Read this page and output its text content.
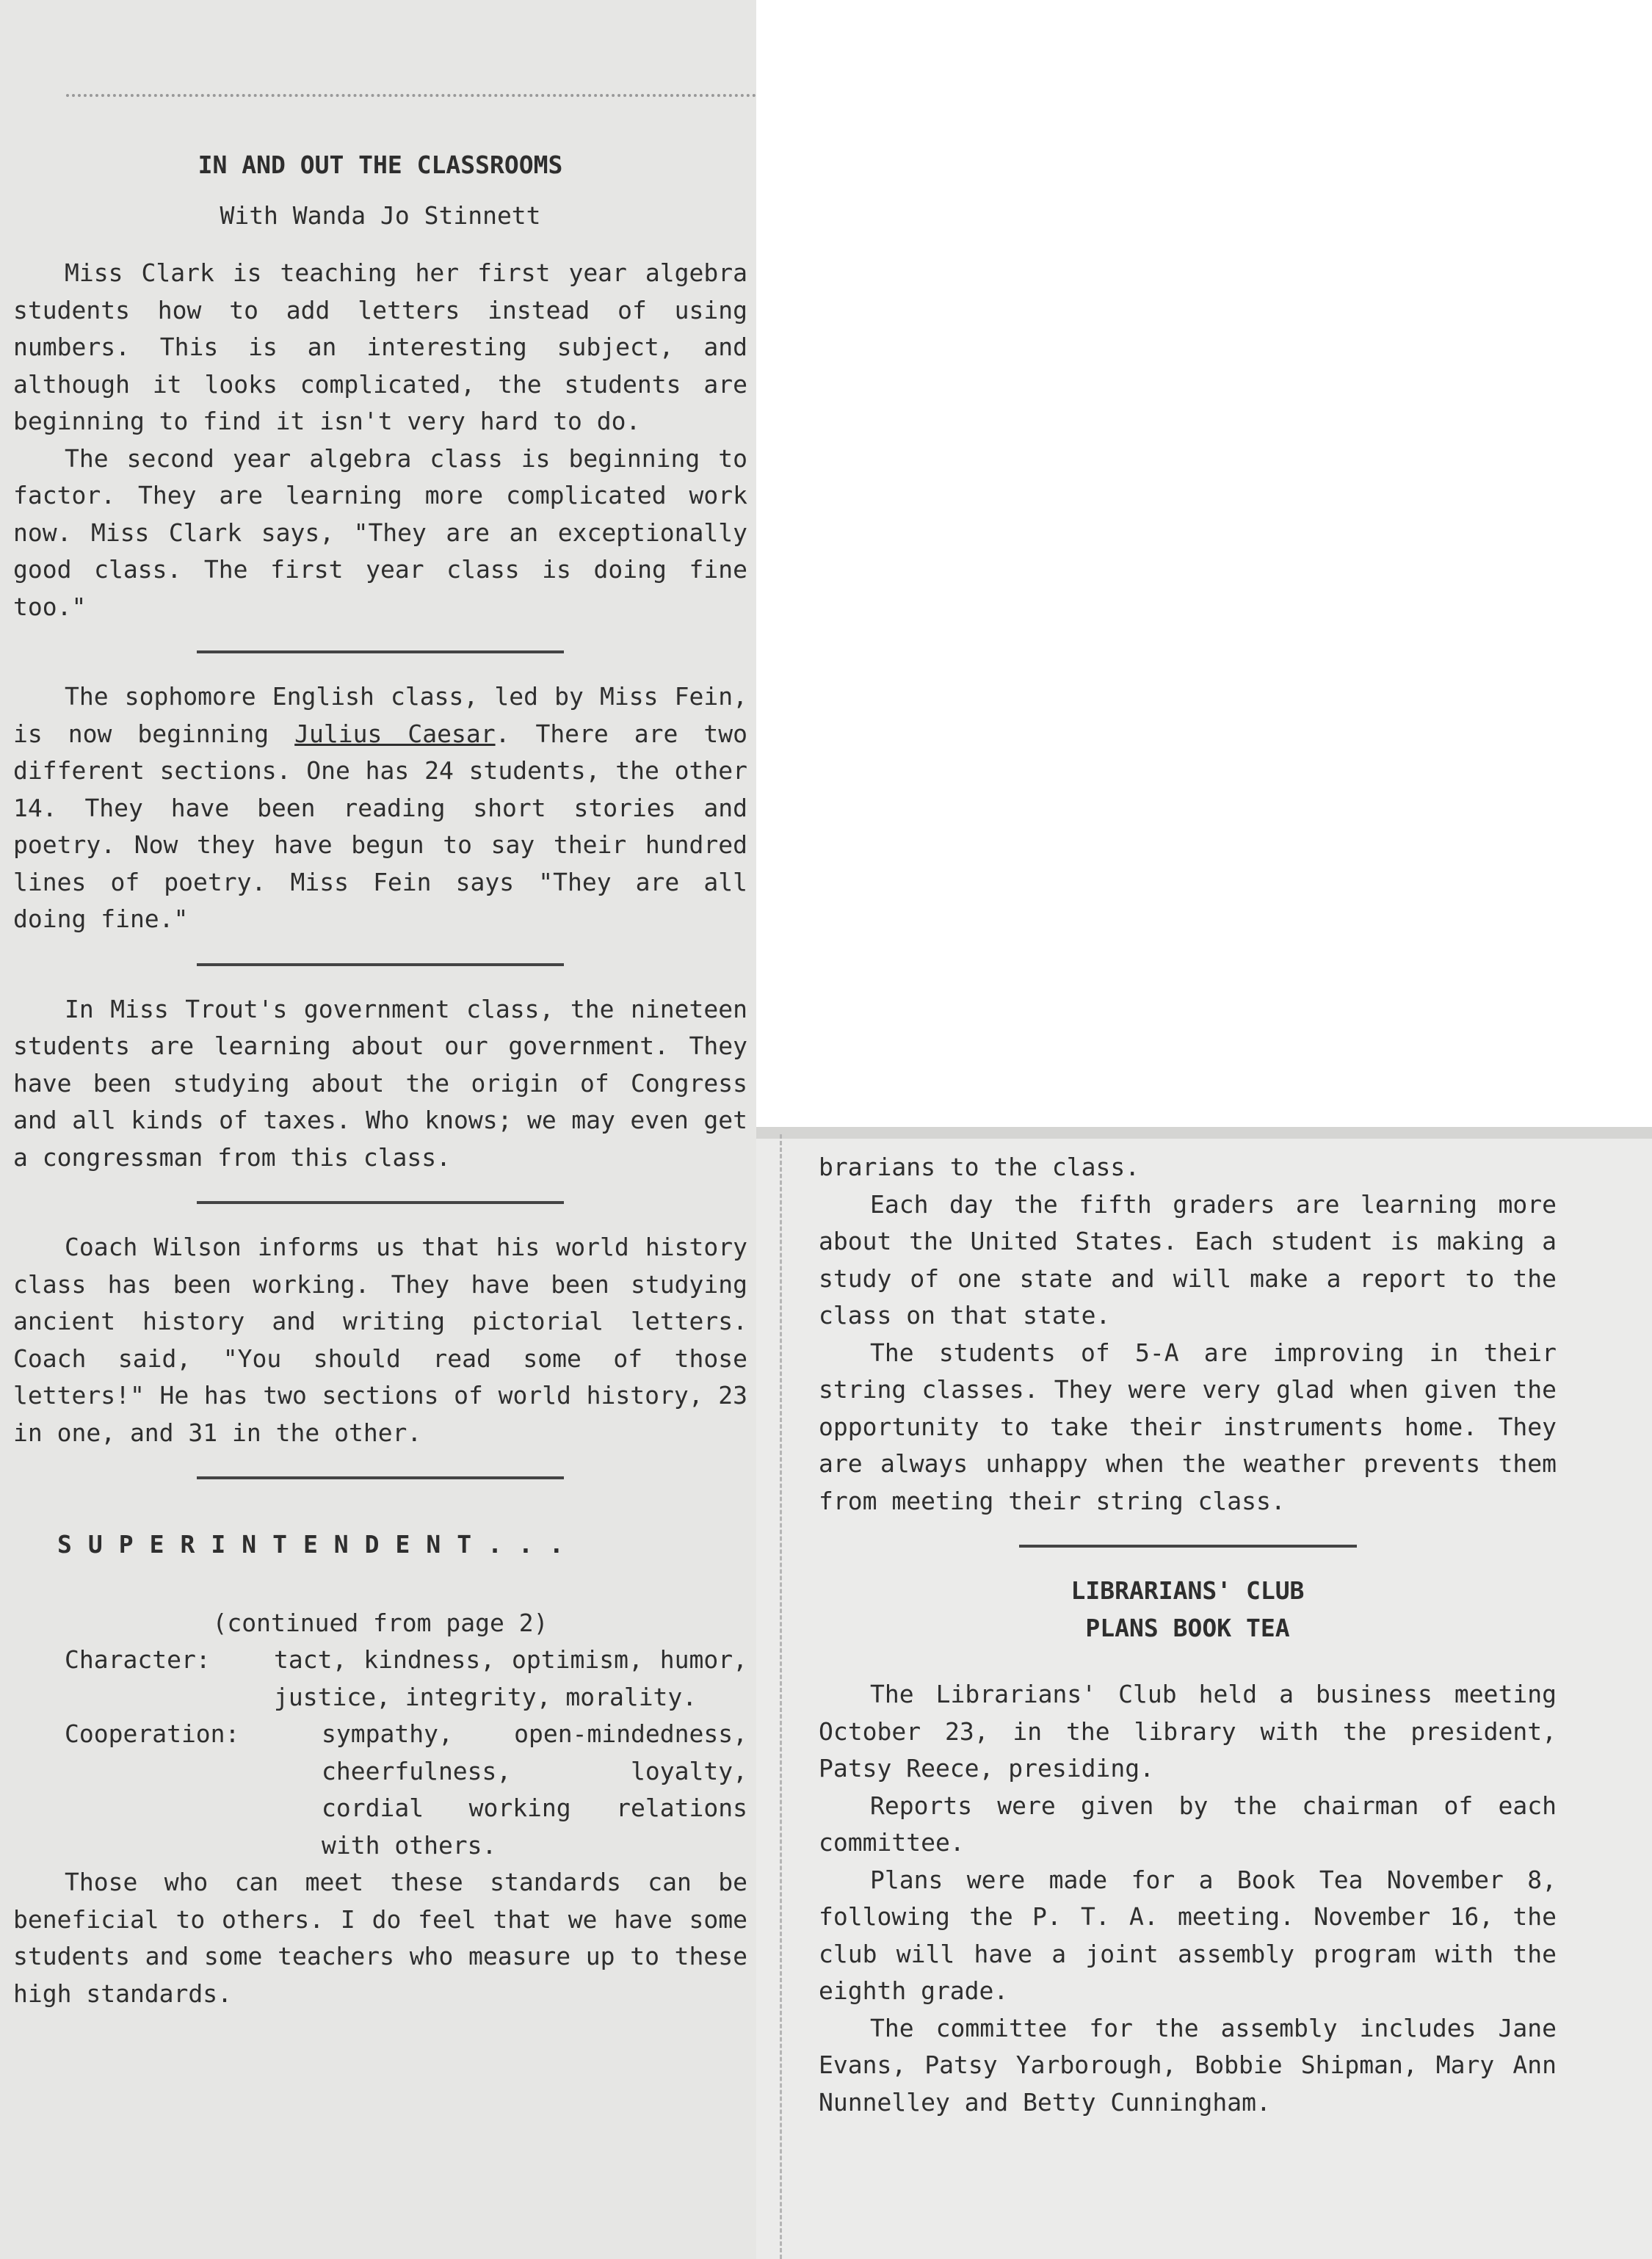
IN AND OUT THE CLASSROOMS

With Wanda Jo Stinnett

Miss Clark is teaching her first year algebra students how to add letters instead of using numbers. This is an interesting subject, and although it looks complicated, the students are beginning to find it isn't very hard to do.

The second year algebra class is beginning to factor. They are learning more complicated work now. Miss Clark says, "They are an exceptionally good class. The first year class is doing fine too."

The sophomore English class, led by Miss Fein, is now beginning Julius Caesar. There are two different sections. One has 24 students, the other 14. They have been reading short stories and poetry. Now they have begun to say their hundred lines of poetry. Miss Fein says "They are all doing fine."

In Miss Trout's government class, the nineteen students are learning about our government. They have been studying about the origin of Congress and all kinds of taxes. Who knows; we may even get a congressman from this class.

Coach Wilson informs us that his world history class has been working. They have been studying ancient history and writing pictorial letters. Coach said, "You should read some of those letters!" He has two sections of world history, 23 in one, and 31 in the other.

SUPERINTENDENT...

(continued from page 2)

Character:	tact, kindness, optimism, humor, justice, integrity, morality.
Cooperation:	sympathy, open-mindedness, cheerfulness, loyalty, cordial working relations with others.

Those who can meet these standards can be beneficial to others. I do feel that we have some students and some teachers who measure up to these high standards.

brarians to the class.

Each day the fifth graders are learning more about the United States. Each student is making a study of one state and will make a report to the class on that state.

The students of 5-A are improving in their string classes. They were very glad when given the opportunity to take their instruments home. They are always unhappy when the weather prevents them from meeting their string class.

LIBRARIANS' CLUB

PLANS BOOK TEA

The Librarians' Club held a business meeting October 23, in the library with the president, Patsy Reece, presiding.

Reports were given by the chairman of each committee.

Plans were made for a Book Tea November 8, following the P. T. A. meeting. November 16, the club will have a joint assembly program with the eighth grade.

The committee for the assembly includes Jane Evans, Patsy Yarborough, Bobbie Shipman, Mary Ann Nunnelley and Betty Cunningham.
